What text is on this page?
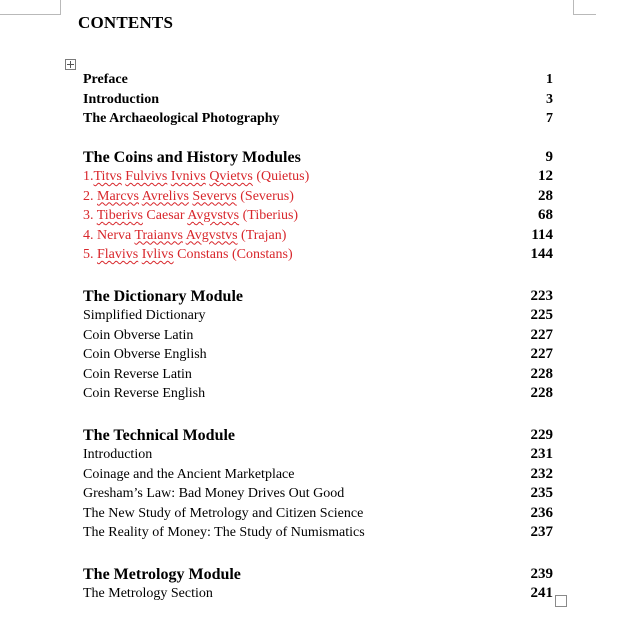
CONTENTS
Preface	1
Introduction	3
The Archaeological Photography	7
The Coins and History Modules	9
1.Titvs Fulvivs Ivnivs Qvietvs (Quietus)	12
2. Marcvs Avrelivs Severvs (Severus)	28
3. Tiberivs Caesar Avgvstvs (Tiberius)	68
4. Nerva Traianvs Avgvstvs (Trajan)	114
5. Flavivs Ivlivs Constans (Constans)	144
The Dictionary Module	223
Simplified Dictionary	225
Coin Obverse Latin	227
Coin Obverse English	227
Coin Reverse Latin	228
Coin Reverse English	228
The Technical Module	229
Introduction	231
Coinage and the Ancient Marketplace	232
Gresham’s Law: Bad Money Drives Out Good	235
The New Study of Metrology and Citizen Science	236
The Reality of Money: The Study of Numismatics	237
The Metrology Module	239
The Metrology Section	241
